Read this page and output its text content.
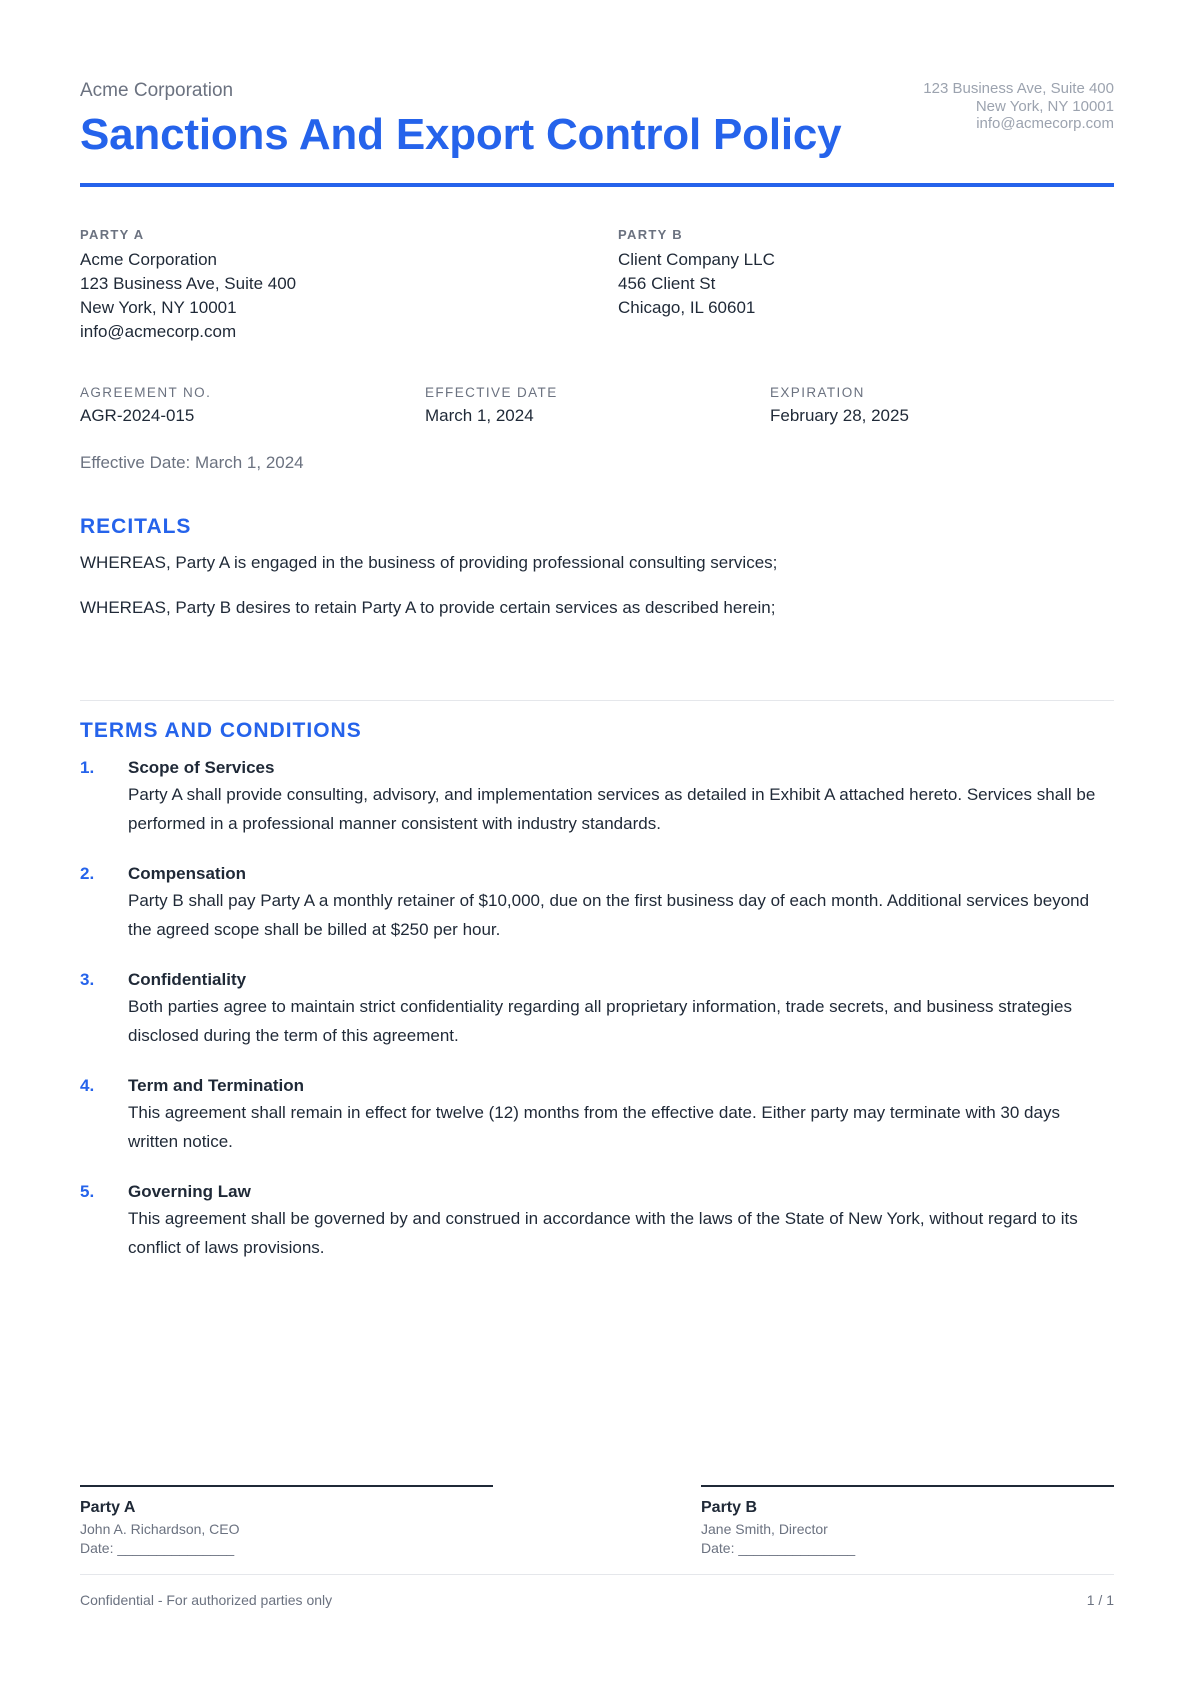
Acme Corporation
Sanctions And Export Control Policy
123 Business Ave, Suite 400
New York, NY 10001
info@acmecorp.com
PARTY A
Acme Corporation
123 Business Ave, Suite 400
New York, NY 10001
info@acmecorp.com
PARTY B
Client Company LLC
456 Client St
Chicago, IL 60601
AGREEMENT NO.
AGR-2024-015
EFFECTIVE DATE
March 1, 2024
EXPIRATION
February 28, 2025
Effective Date: March 1, 2024
RECITALS
WHEREAS, Party A is engaged in the business of providing professional consulting services;
WHEREAS, Party B desires to retain Party A to provide certain services as described herein;
TERMS AND CONDITIONS
1.	Scope of Services
Party A shall provide consulting, advisory, and implementation services as detailed in Exhibit A attached hereto. Services shall be performed in a professional manner consistent with industry standards.
2.	Compensation
Party B shall pay Party A a monthly retainer of $10,000, due on the first business day of each month. Additional services beyond the agreed scope shall be billed at $250 per hour.
3.	Confidentiality
Both parties agree to maintain strict confidentiality regarding all proprietary information, trade secrets, and business strategies disclosed during the term of this agreement.
4.	Term and Termination
This agreement shall remain in effect for twelve (12) months from the effective date. Either party may terminate with 30 days written notice.
5.	Governing Law
This agreement shall be governed by and construed in accordance with the laws of the State of New York, without regard to its conflict of laws provisions.
Party A
John A. Richardson, CEO
Date: _______________
Party B
Jane Smith, Director
Date: _______________
Confidential - For authorized parties only	1 / 1
